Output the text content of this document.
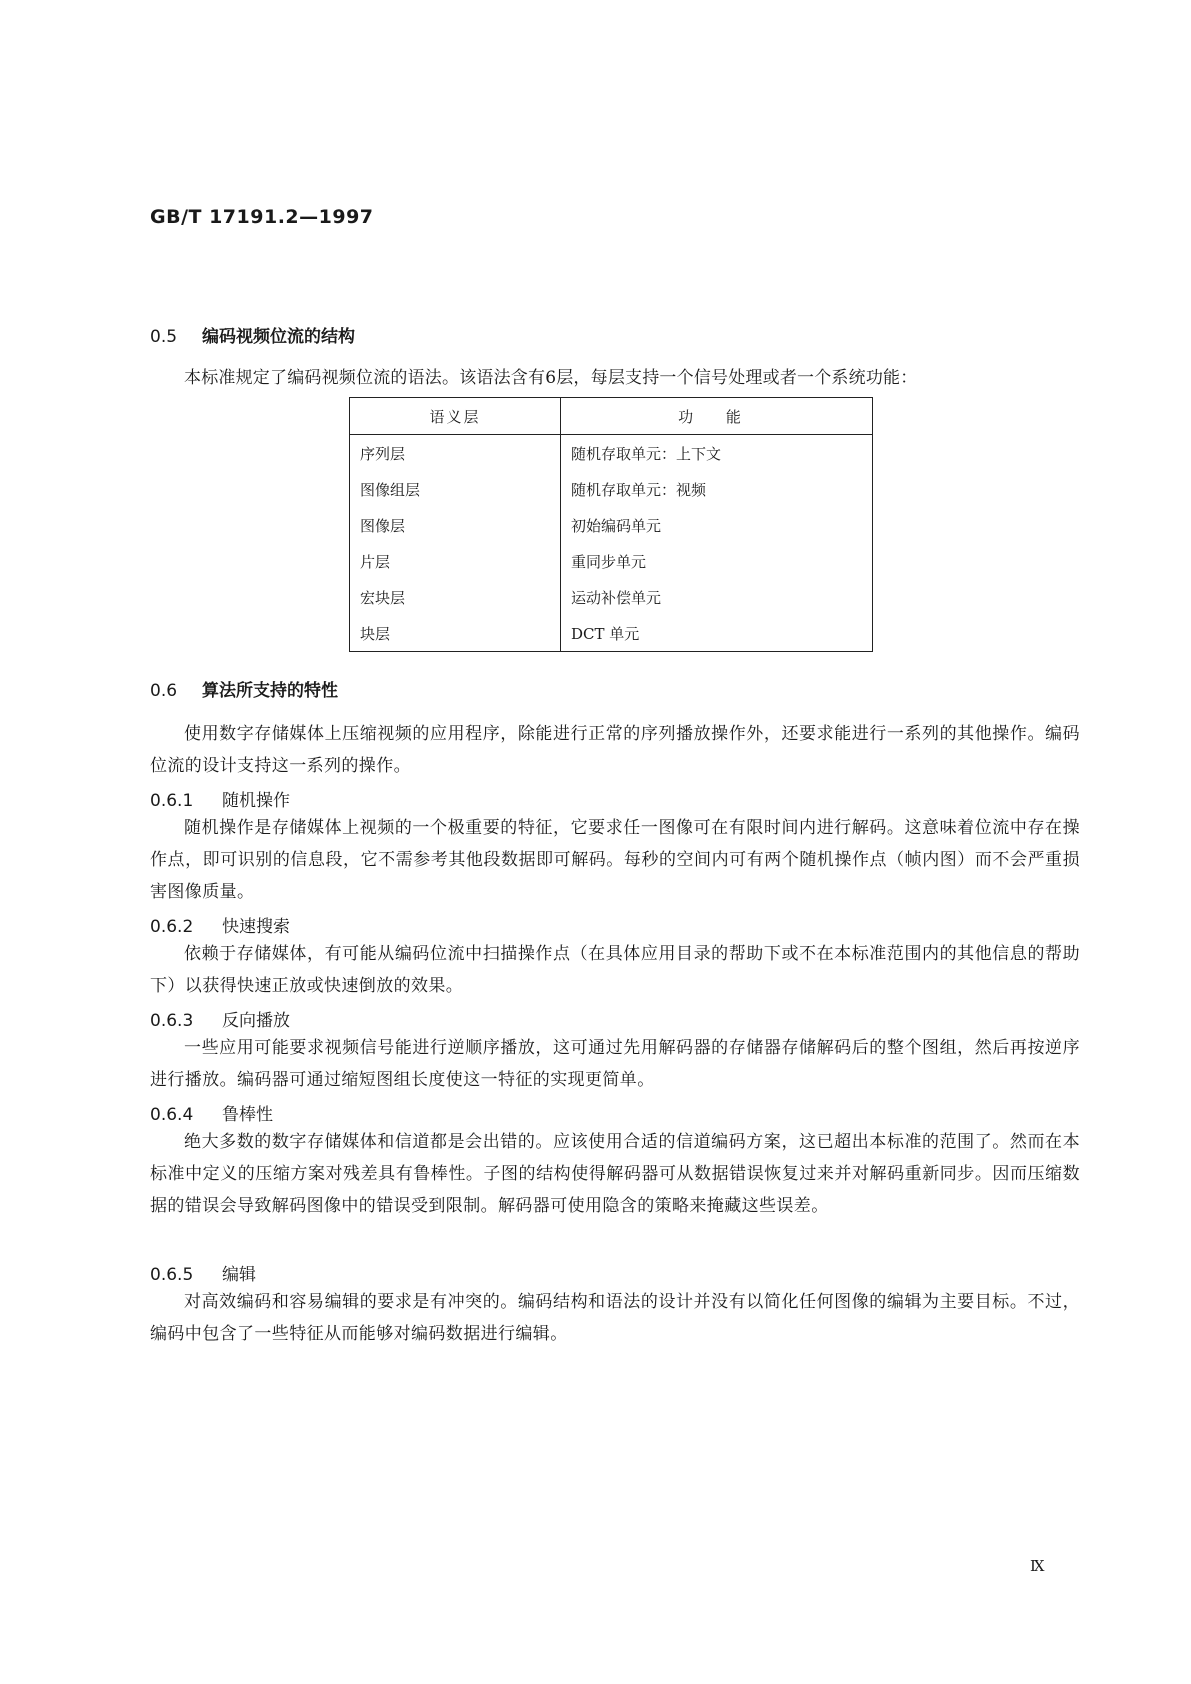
GB/T 17191.2—1997
0.5 编码视频位流的结构
本标准规定了编码视频位流的语法。该语法含有6层，每层支持一个信号处理或者一个系统功能：
语义层	功 能
序列层	随机存取单元：上下文
图像组层	随机存取单元：视频
图像层	初始编码单元
片层	重同步单元
宏块层	运动补偿单元
块层	DCT 单元
0.6 算法所支持的特性
使用数字存储媒体上压缩视频的应用程序，除能进行正常的序列播放操作外，还要求能进行一系列的其他操作。编码位流的设计支持这一系列的操作。
0.6.1 随机操作
随机操作是存储媒体上视频的一个极重要的特征，它要求任一图像可在有限时间内进行解码。这意味着位流中存在操作点，即可识别的信息段，它不需参考其他段数据即可解码。每秒的空间内可有两个随机操作点（帧内图）而不会严重损害图像质量。
0.6.2 快速搜索
依赖于存储媒体，有可能从编码位流中扫描操作点（在具体应用目录的帮助下或不在本标准范围内的其他信息的帮助下）以获得快速正放或快速倒放的效果。
0.6.3 反向播放
一些应用可能要求视频信号能进行逆顺序播放，这可通过先用解码器的存储器存储解码后的整个图组，然后再按逆序进行播放。编码器可通过缩短图组长度使这一特征的实现更简单。
0.6.4 鲁棒性
绝大多数的数字存储媒体和信道都是会出错的。应该使用合适的信道编码方案，这已超出本标准的范围了。然而在本标准中定义的压缩方案对残差具有鲁棒性。子图的结构使得解码器可从数据错误恢复过来并对解码重新同步。因而压缩数据的错误会导致解码图像中的错误受到限制。解码器可使用隐含的策略来掩藏这些误差。
0.6.5 编辑
对高效编码和容易编辑的要求是有冲突的。编码结构和语法的设计并没有以简化任何图像的编辑为主要目标。不过，编码中包含了一些特征从而能够对编码数据进行编辑。
Ⅸ
